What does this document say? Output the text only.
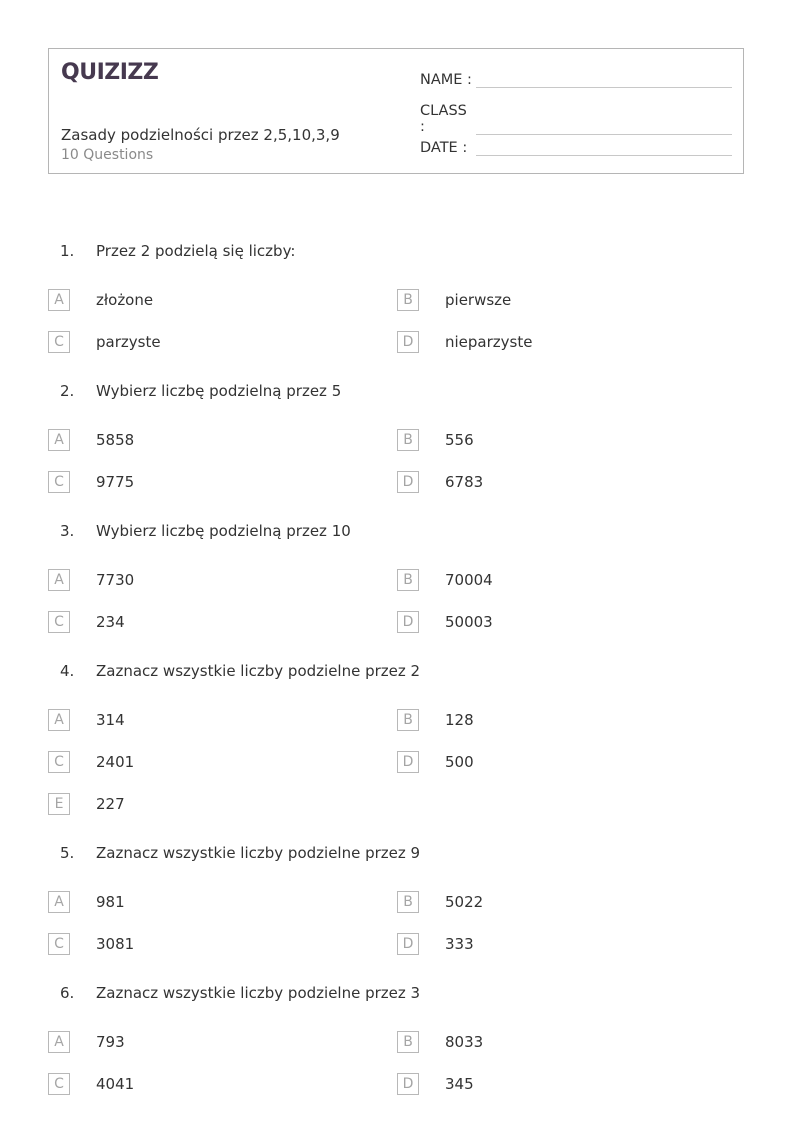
QUIZIZZ
Zasady podzielności przez 2,5,10,3,9
10 Questions
NAME :
CLASS :
DATE :
1. Przez 2 podzielą się liczby:
A	złożone	B	pierwsze
C	parzyste	D	nieparzyste
2. Wybierz liczbę podzielną przez 5
A	5858	B	556
C	9775	D	6783
3. Wybierz liczbę podzielną przez 10
A	7730	B	70004
C	234	D	50003
4. Zaznacz wszystkie liczby podzielne przez 2
A	314	B	128
C	2401	D	500
E	227
5. Zaznacz wszystkie liczby podzielne przez 9
A	981	B	5022
C	3081	D	333
6. Zaznacz wszystkie liczby podzielne przez 3
A	793	B	8033
C	4041	D	345
